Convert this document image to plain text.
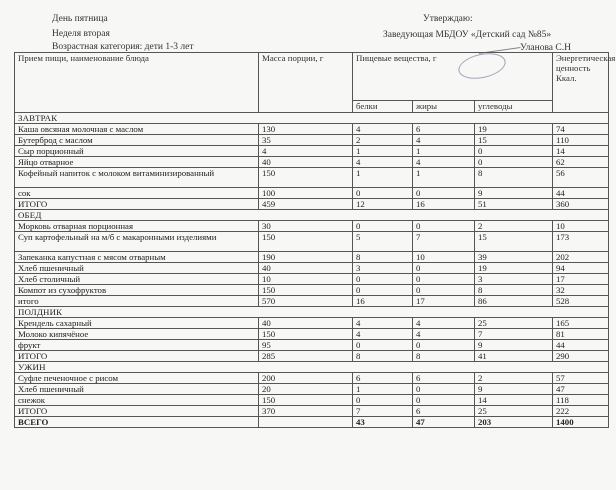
День пятница
Неделя вторая
Возрастная категория: дети 1-3 лет
Утверждаю:
Заведующая МБДОУ «Детский сад №85»
Уланова С.Н
Прием пищи, наименование блюда	Масса порции, г	Пищевые вещества, г			Энергетическая ценность Ккал.
		белки	жиры	углеводы	
ЗАВТРАК					
Каша овсяная молочная с маслом	130	4	6	19	74
Бутерброд с маслом	35	2	4	15	110
Сыр порционный	4	1	1	0	14
Яйцо отварное	40	4	4	0	62
Кофейный напиток с молоком витаминизированный	150	1	1	8	56
сок	100	0	0	9	44
ИТОГО	459	12	16	51	360
ОБЕД					
Морковь отварная порционная	30	0	0	2	10
Суп картофельный на м/б с макаронными изделиями	150	5	7	15	173
Запеканка капустная с мясом отварным	190	8	10	39	202
Хлеб пшеничный	40	3	0	19	94
Хлеб столичный	10	0	0	3	17
Компот из сухофруктов	150	0	0	8	32
итого	570	16	17	86	528
ПОЛДНИК					
Крендель сахарный	40	4	4	25	165
Молоко кипячёное	150	4	4	7	81
фрукт	95	0	0	9	44
ИТОГО	285	8	8	41	290
УЖИН					
Суфле печеночное с рисом	200	6	6	2	57
Хлеб пшеничный	20	1	0	9	47
снежок	150	0	0	14	118
ИТОГО	370	7	6	25	222
ВСЕГО		43	47	203	1400
